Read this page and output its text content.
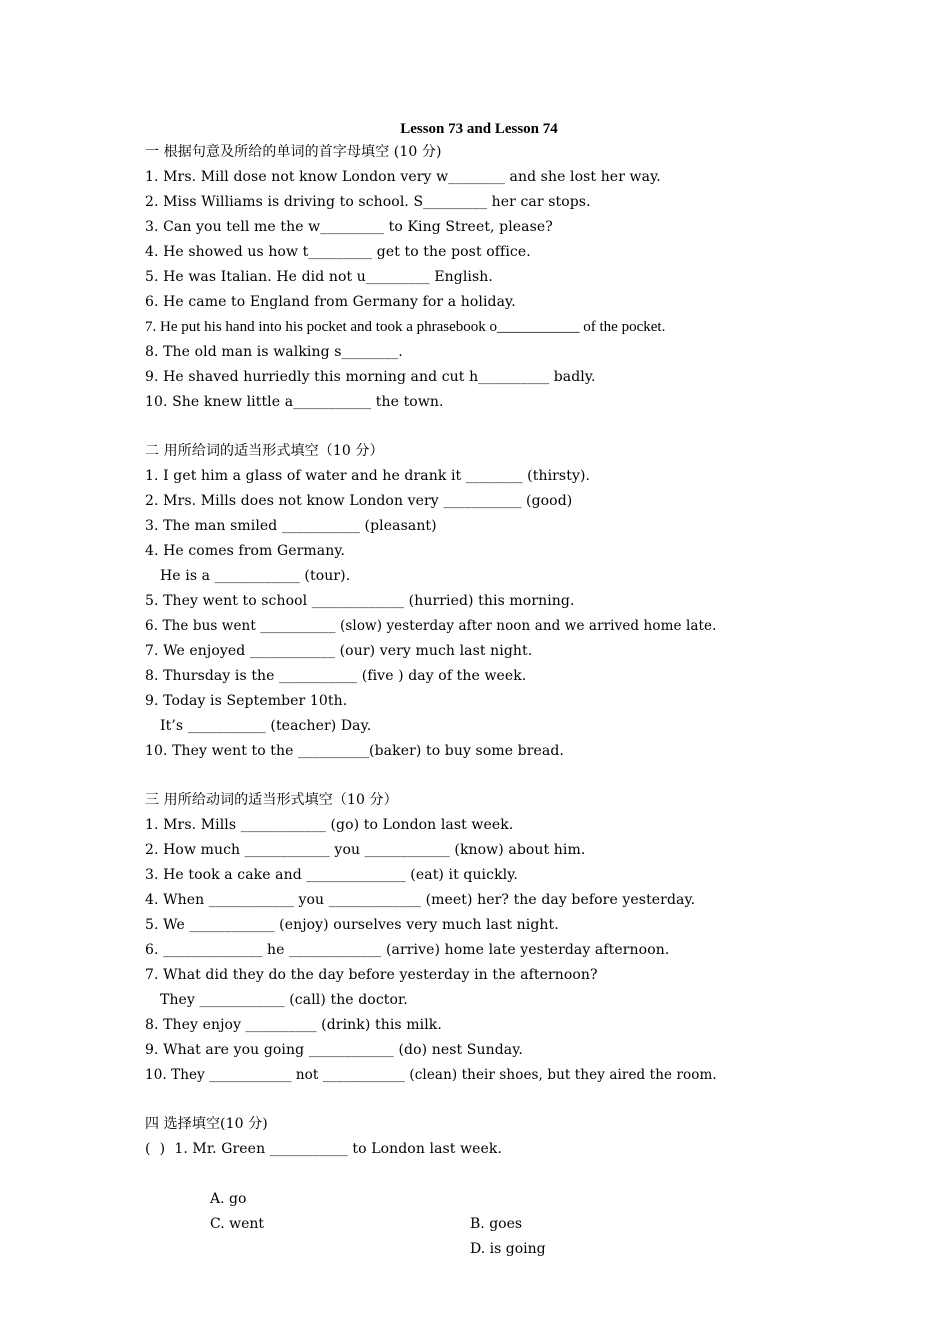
Lesson 73 and Lesson 74
一 根据句意及所给的单词的首字母填空 (10 分)
1. Mrs. Mill dose not know London very w________ and she lost her way.
2. Miss Williams is driving to school. S_________ her car stops.
3. Can you tell me the w_________ to King Street, please?
4. He showed us how t_________ get to the post office.
5. He was Italian. He did not u_________ English.
6. He came to England from Germany for a holiday.
7. He put his hand into his pocket and took a phrasebook o___________ of the pocket.
8. The old man is walking s________.
9. He shaved hurriedly this morning and cut h__________ badly.
10. She knew little a___________ the town.
二 用所给词的适当形式填空（10 分）
1. I get him a glass of water and he drank it ________ (thirsty).
2. Mrs. Mills does not know London very ___________ (good)
3. The man smiled ___________ (pleasant)
4. He comes from Germany.
He is a ____________ (tour).
5. They went to school _____________ (hurried) this morning.
6. The bus went ___________ (slow) yesterday after noon and we arrived home late.
7. We enjoyed ____________ (our) very much last night.
8. Thursday is the ___________ (five ) day of the week.
9. Today is September 10th.
It’s ___________ (teacher) Day.
10. They went to the __________(baker) to buy some bread.
三 用所给动词的适当形式填空（10 分）
1. Mrs. Mills ____________ (go) to London last week.
2. How much ____________ you ____________ (know) about him.
3. He took a cake and ______________ (eat) it quickly.
4. When ____________ you _____________ (meet) her? the day before yesterday.
5. We ____________ (enjoy) ourselves very much last night.
6. ______________ he _____________ (arrive) home late yesterday afternoon.
7. What did they do the day before yesterday in the afternoon?
They ____________ (call) the doctor.
8. They enjoy __________ (drink) this milk.
9. What are you going ____________ (do) nest Sunday.
10. They ____________ not ____________ (clean) their shoes, but they aired the room.
四 选择填空(10 分)
(  )  1. Mr. Green ___________ to London last week.

A. go

B. goes

C. went

D. is going
